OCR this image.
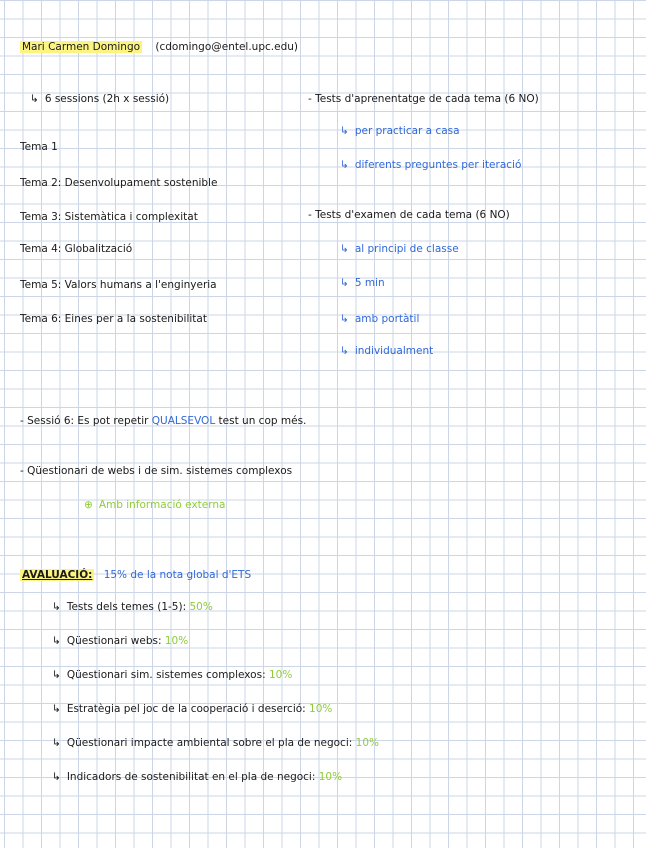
Mari Carmen Domingo (cdomingo@entel.upc.edu)
↳ 6 sessions (2h x sessió)
Tema 1
Tema 2: Desenvolupament sostenible
Tema 3: Sistemàtica i complexitat
Tema 4: Globalització
Tema 5: Valors humans a l'enginyeria
Tema 6: Eines per a la sostenibilitat
- Tests d'aprenentatge de cada tema (6 NO)
↳ per practicar a casa
↳ diferents preguntes per iteració
- Tests d'examen de cada tema (6 NO)
↳ al principi de classe
↳ 5 min
↳ amb portàtil
↳ individualment
- Sessió 6: Es pot repetir QUALSEVOL test un cop més.
- Qüestionari de webs i de sim. sistemes complexos
⊕ Amb informació externa
AVALUACIÓ: 15% de la nota global d'ETS
↳ Tests dels temes (1-5): 50%
↳ Qüestionari webs: 10%
↳ Qüestionari sim. sistemes complexos: 10%
↳ Estratègia pel joc de la cooperació i deserció: 10%
↳ Qüestionari impacte ambiental sobre el pla de negoci: 10%
↳ Indicadors de sostenibilitat en el pla de negoci: 10%
